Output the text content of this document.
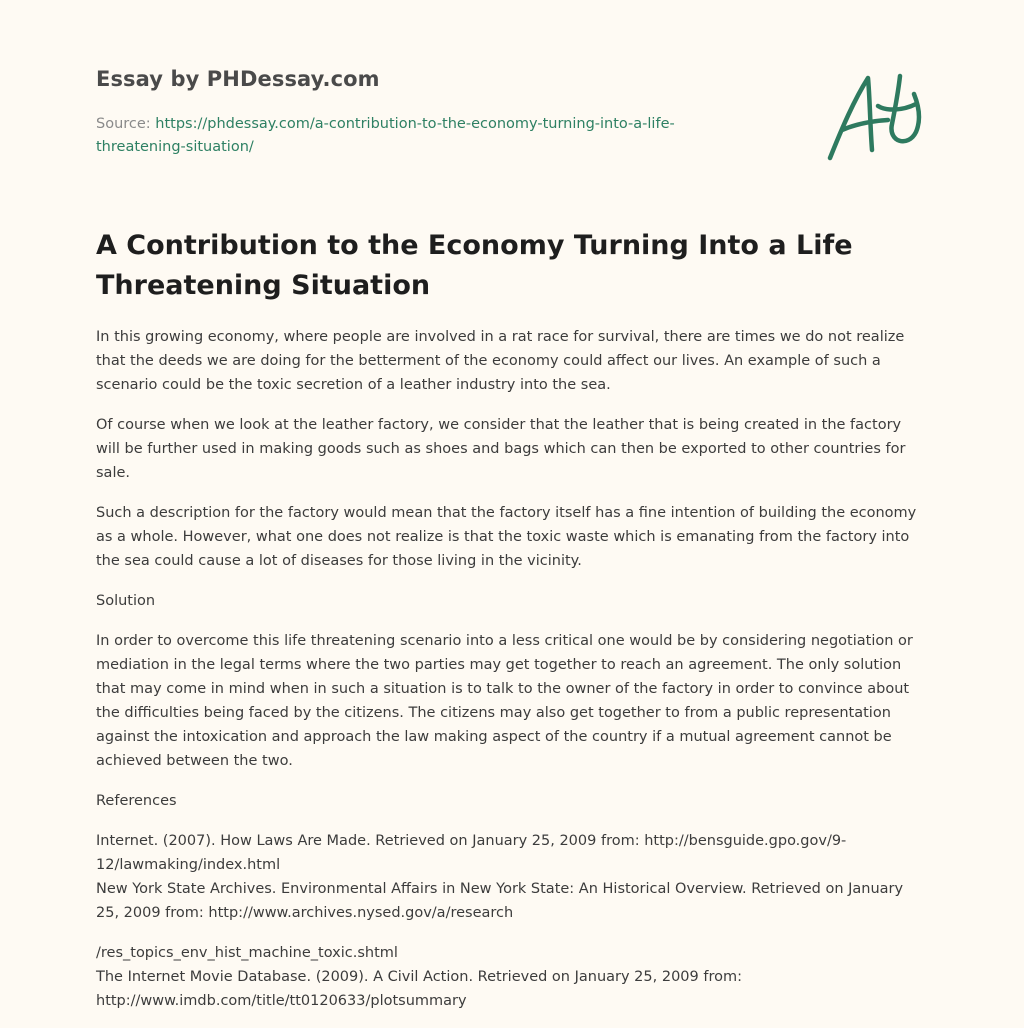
Essay by PHDessay.com
Source: https://phdessay.com/a-contribution-to-the-economy-turning-into-a-life-threatening-situation/
A Contribution to the Economy Turning Into a Life Threatening Situation

In this growing economy, where people are involved in a rat race for survival, there are times we do not realize that the deeds we are doing for the betterment of the economy could affect our lives. An example of such a scenario could be the toxic secretion of a leather industry into the sea.

Of course when we look at the leather factory, we consider that the leather that is being created in the factory will be further used in making goods such as shoes and bags which can then be exported to other countries for sale.

Such a description for the factory would mean that the factory itself has a fine intention of building the economy as a whole. However, what one does not realize is that the toxic waste which is emanating from the factory into the sea could cause a lot of diseases for those living in the vicinity.

Solution

In order to overcome this life threatening scenario into a less critical one would be by considering negotiation or mediation in the legal terms where the two parties may get together to reach an agreement. The only solution that may come in mind when in such a situation is to talk to the owner of the factory in order to convince about the difficulties being faced by the citizens. The citizens may also get together to from a public representation against the intoxication and approach the law making aspect of the country if a mutual agreement cannot be achieved between the two.

References

Internet. (2007). How Laws Are Made. Retrieved on January 25, 2009 from: http://bensguide.gpo.gov/9-12/lawmaking/index.html

New York State Archives. Environmental Affairs in New York State: An Historical Overview. Retrieved on January 25, 2009 from: http://www.archives.nysed.gov/a/research

/res_topics_env_hist_machine_toxic.shtml

The Internet Movie Database. (2009). A Civil Action. Retrieved on January 25, 2009 from: http://www.imdb.com/title/tt0120633/plotsummary
